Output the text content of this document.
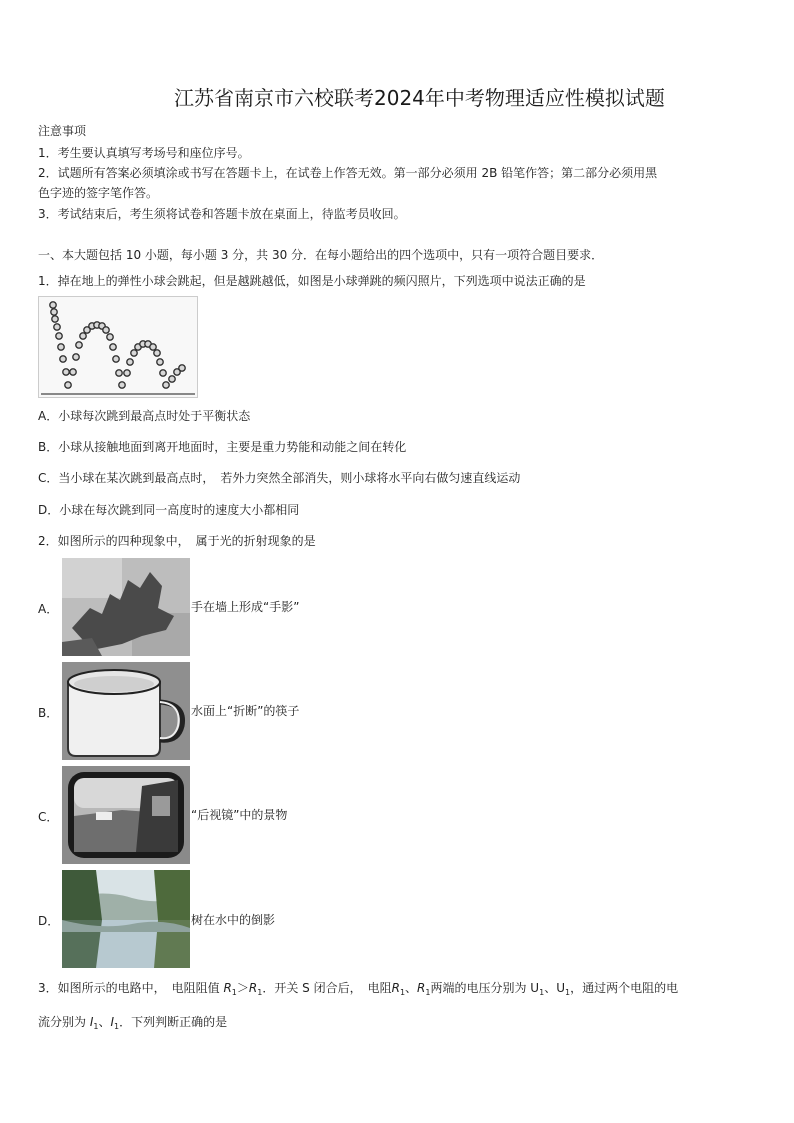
江苏省南京市六校联考2024年中考物理适应性模拟试题
注意事项
1．考生要认真填写考场号和座位序号。
2．试题所有答案必须填涂或书写在答题卡上，在试卷上作答无效。第一部分必须用 2B 铅笔作答；第二部分必须用黑
色字迹的签字笔作答。
3．考试结束后，考生须将试卷和答题卡放在桌面上，待监考员收回。
一、本大题包括 10 小题，每小题 3 分，共 30 分．在每小题给出的四个选项中，只有一项符合题目要求．
1．掉在地上的弹性小球会跳起，但是越跳越低，如图是小球弹跳的频闪照片，下列选项中说法正确的是
A．小球每次跳到最高点时处于平衡状态
B．小球从接触地面到离开地面时，主要是重力势能和动能之间在转化
C．当小球在某次跳到最高点时，　若外力突然全部消失，则小球将水平向右做匀速直线运动
D．小球在每次跳到同一高度时的速度大小都相同
2．如图所示的四种现象中，　属于光的折射现象的是
A．	手在墙上形成“手影”
B．	水面上“折断”的筷子
C．	“后视镜”中的景物
D．	树在水中的倒影
3．如图所示的电路中，　电阻阻值 $R_1>R_1$．开关 S 闭合后，　电阻$R_1$、$R_1$两端的电压分别为 $U_1$、$U_1$，通过两个电阻的电
流分别为 $I_1$、$I_1$．下列判断正确的是
